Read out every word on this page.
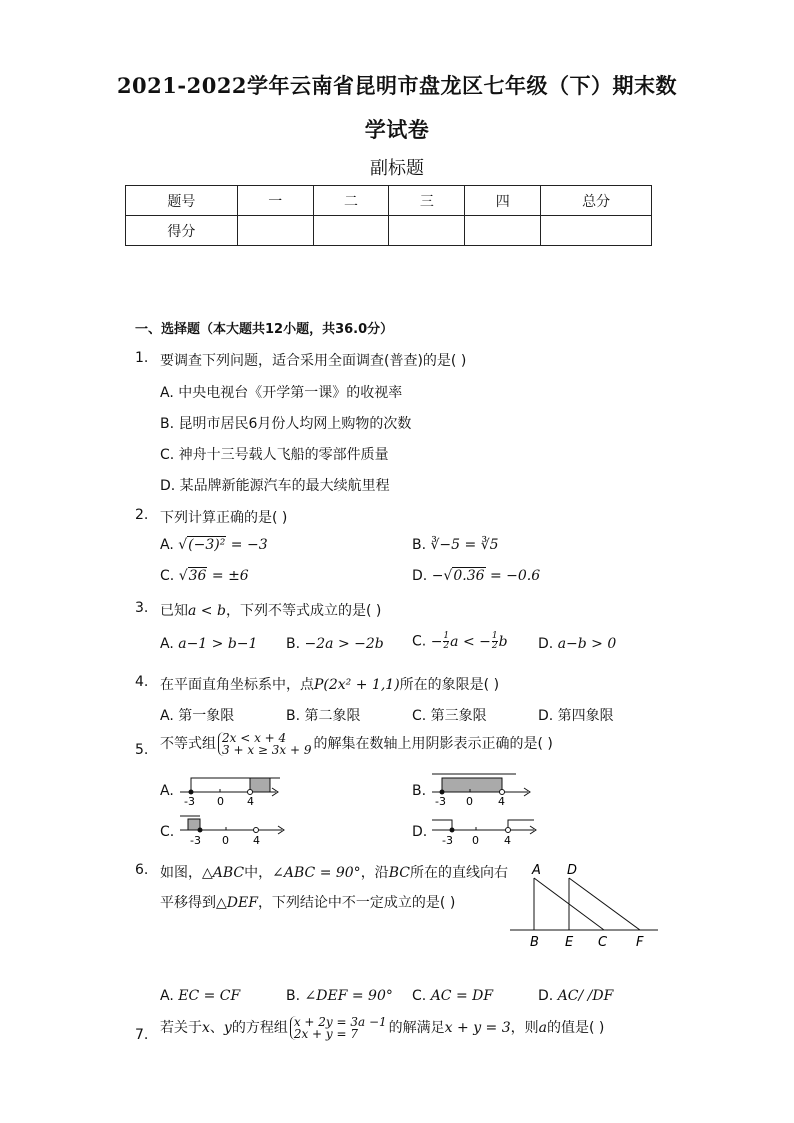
2021-2022学年云南省昆明市盘龙区七年级（下）期末数
学试卷
副标题
题号	一	二	三	四	总分
得分					
一、选择题（本大题共12小题，共36.0分）
1. 要调查下列问题，适合采用全面调查(普查)的是( )
A. 中央电视台《开学第一课》的收视率
B. 昆明市居民6月份人均网上购物的次数
C. 神舟十三号载人飞船的零部件质量
D. 某品牌新能源汽车的最大续航里程
2. 下列计算正确的是( )
A. √(−3)² = −3	B. ∛−5 = ∛5
C. √36 = ±6	D. −√0.36 = −0.6
3. 已知a < b，下列不等式成立的是( )
A. a−1 > b−1 B. −2a > −2b C. − $\frac{1}{2}$ a < − $\frac{1}{2}$ b D. a−b > 0
4. 在平面直角坐标系中，点P(2x² + 1,1)所在的象限是( )
A. 第一象限	B. 第二象限	C. 第三象限	D. 第四象限
5. 不等式组 2x < x + 4
3 + x ≥ 3x + 9 的解集在数轴上用阴影表示正确的是( )
A.	B.
C.	D.
-3 0 4	-3 0 4
-3 0 4	-3 0 4
6. 如图，△ABC中，∠ABC = 90°，沿BC所在的直线向右
平移得到△DEF，下列结论中不一定成立的是( )
A D
B E C F
A. EC = CF	B. ∠DEF = 90° C. AC = DF	D. AC/ /DF
7. 若关于x、y的方程组 x + 2y = 3a −1
2x + y = 7	的解满足x + y = 3，则a的值是( )
